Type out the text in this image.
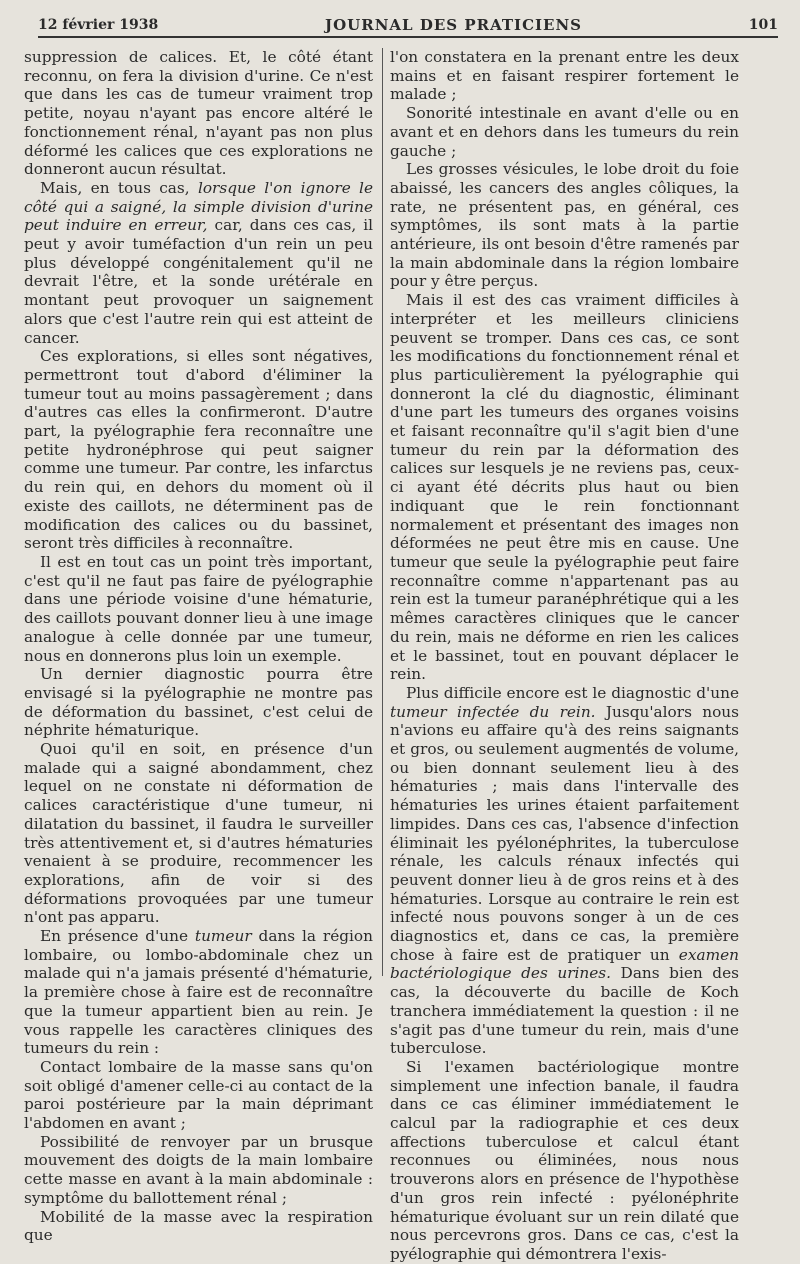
12 février 1938	JOURNAL DES PRATICIENS	101

suppression de calices. Et, le côté étant reconnu, on fera la division d'urine. Ce n'est que dans les cas de tumeur vraiment trop petite, noyau n'ayant pas encore altéré le fonctionnement rénal, n'ayant pas non plus déformé les calices que ces explorations ne donneront aucun résultat.

Mais, en tous cas, lorsque l'on ignore le côté qui a saigné, la simple division d'urine peut induire en erreur, car, dans ces cas, il peut y avoir tuméfaction d'un rein un peu plus développé congénitalement qu'il ne devrait l'être, et la sonde urétérale en montant peut provoquer un saignement alors que c'est l'autre rein qui est atteint de cancer.

Ces explorations, si elles sont négatives, permettront tout d'abord d'éliminer la tumeur tout au moins passagèrement ; dans d'autres cas elles la confirmeront. D'autre part, la pyélographie fera reconnaître une petite hydronéphrose qui peut saigner comme une tumeur. Par contre, les infarctus du rein qui, en dehors du moment où il existe des caillots, ne déterminent pas de modification des calices ou du bassinet, seront très difficiles à reconnaître.

Il est en tout cas un point très important, c'est qu'il ne faut pas faire de pyélographie dans une période voisine d'une hématurie, des caillots pouvant donner lieu à une image analogue à celle donnée par une tumeur, nous en donnerons plus loin un exemple.

Un dernier diagnostic pourra être envisagé si la pyélographie ne montre pas de déformation du bassinet, c'est celui de néphrite hématurique.

Quoi qu'il en soit, en présence d'un malade qui a saigné abondamment, chez lequel on ne constate ni déformation de calices caractéristique d'une tumeur, ni dilatation du bassinet, il faudra le surveiller très attentivement et, si d'autres hématuries venaient à se produire, recommencer les explorations, afin de voir si des déformations provoquées par une tumeur n'ont pas apparu.

En présence d'une tumeur dans la région lombaire, ou lombo-abdominale chez un malade qui n'a jamais présenté d'hématurie, la première chose à faire est de reconnaître que la tumeur appartient bien au rein. Je vous rappelle les caractères cliniques des tumeurs du rein :

Contact lombaire de la masse sans qu'on soit obligé d'amener celle-ci au contact de la paroi postérieure par la main déprimant l'abdomen en avant ;

Possibilité de renvoyer par un brusque mouvement des doigts de la main lombaire cette masse en avant à la main abdominale : symptôme du ballottement rénal ;

Mobilité de la masse avec la respiration que

l'on constatera en la prenant entre les deux mains et en faisant respirer fortement le malade ;

Sonorité intestinale en avant d'elle ou en avant et en dehors dans les tumeurs du rein gauche ;

Les grosses vésicules, le lobe droit du foie abaissé, les cancers des angles côliques, la rate, ne présentent pas, en général, ces symptômes, ils sont mats à la partie antérieure, ils ont besoin d'être ramenés par la main abdominale dans la région lombaire pour y être perçus.

Mais il est des cas vraiment difficiles à interpréter et les meilleurs cliniciens peuvent se tromper. Dans ces cas, ce sont les modifications du fonctionnement rénal et plus particulièrement la pyélographie qui donneront la clé du diagnostic, éliminant d'une part les tumeurs des organes voisins et faisant reconnaître qu'il s'agit bien d'une tumeur du rein par la déformation des calices sur lesquels je ne reviens pas, ceux-ci ayant été décrits plus haut ou bien indiquant que le rein fonctionnant normalement et présentant des images non déformées ne peut être mis en cause. Une tumeur que seule la pyélographie peut faire reconnaître comme n'appartenant pas au rein est la tumeur paranéphrétique qui a les mêmes caractères cliniques que le cancer du rein, mais ne déforme en rien les calices et le bassinet, tout en pouvant déplacer le rein.

Plus difficile encore est le diagnostic d'une tumeur infectée du rein. Jusqu'alors nous n'avions eu affaire qu'à des reins saignants et gros, ou seulement augmentés de volume, ou bien donnant seulement lieu à des hématuries ; mais dans l'intervalle des hématuries les urines étaient parfaitement limpides. Dans ces cas, l'absence d'infection éliminait les pyélonéphrites, la tuberculose rénale, les calculs rénaux infectés qui peuvent donner lieu à de gros reins et à des hématuries. Lorsque au contraire le rein est infecté nous pouvons songer à un de ces diagnostics et, dans ce cas, la première chose à faire est de pratiquer un examen bactériologique des urines. Dans bien des cas, la découverte du bacille de Koch tranchera immédiatement la question : il ne s'agit pas d'une tumeur du rein, mais d'une tuberculose.

Si l'examen bactériologique montre simplement une infection banale, il faudra dans ce cas éliminer immédiatement le calcul par la radiographie et ces deux affections tuberculose et calcul étant reconnues ou éliminées, nous nous trouverons alors en présence de l'hypothèse d'un gros rein infecté : pyélonéphrite hématurique évoluant sur un rein dilaté que nous percevrons gros. Dans ce cas, c'est la pyélographie qui démontrera l'exis-
